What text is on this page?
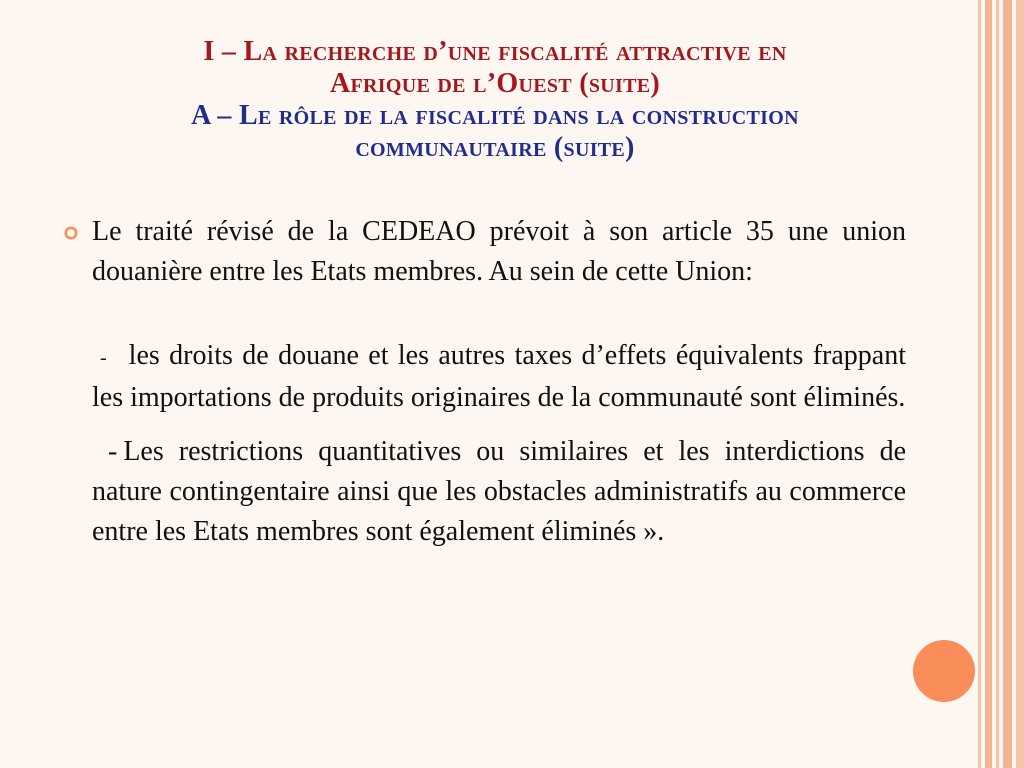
I – La recherche d’une fiscalité attractive en
Afrique de l’Ouest (suite)
A – Le rôle de la fiscalité dans la construction
communautaire (suite)

Le traité révisé de la CEDEAO prévoit à son article 35 une union douanière entre les Etats membres. Au sein de cette Union:

- les droits de douane et les autres taxes d’effets équivalents frappant les importations de produits originaires de la communauté sont éliminés.

- Les restrictions quantitatives ou similaires et les interdictions de nature contingentaire ainsi que les obstacles administratifs au commerce entre les Etats membres sont également éliminés ».
